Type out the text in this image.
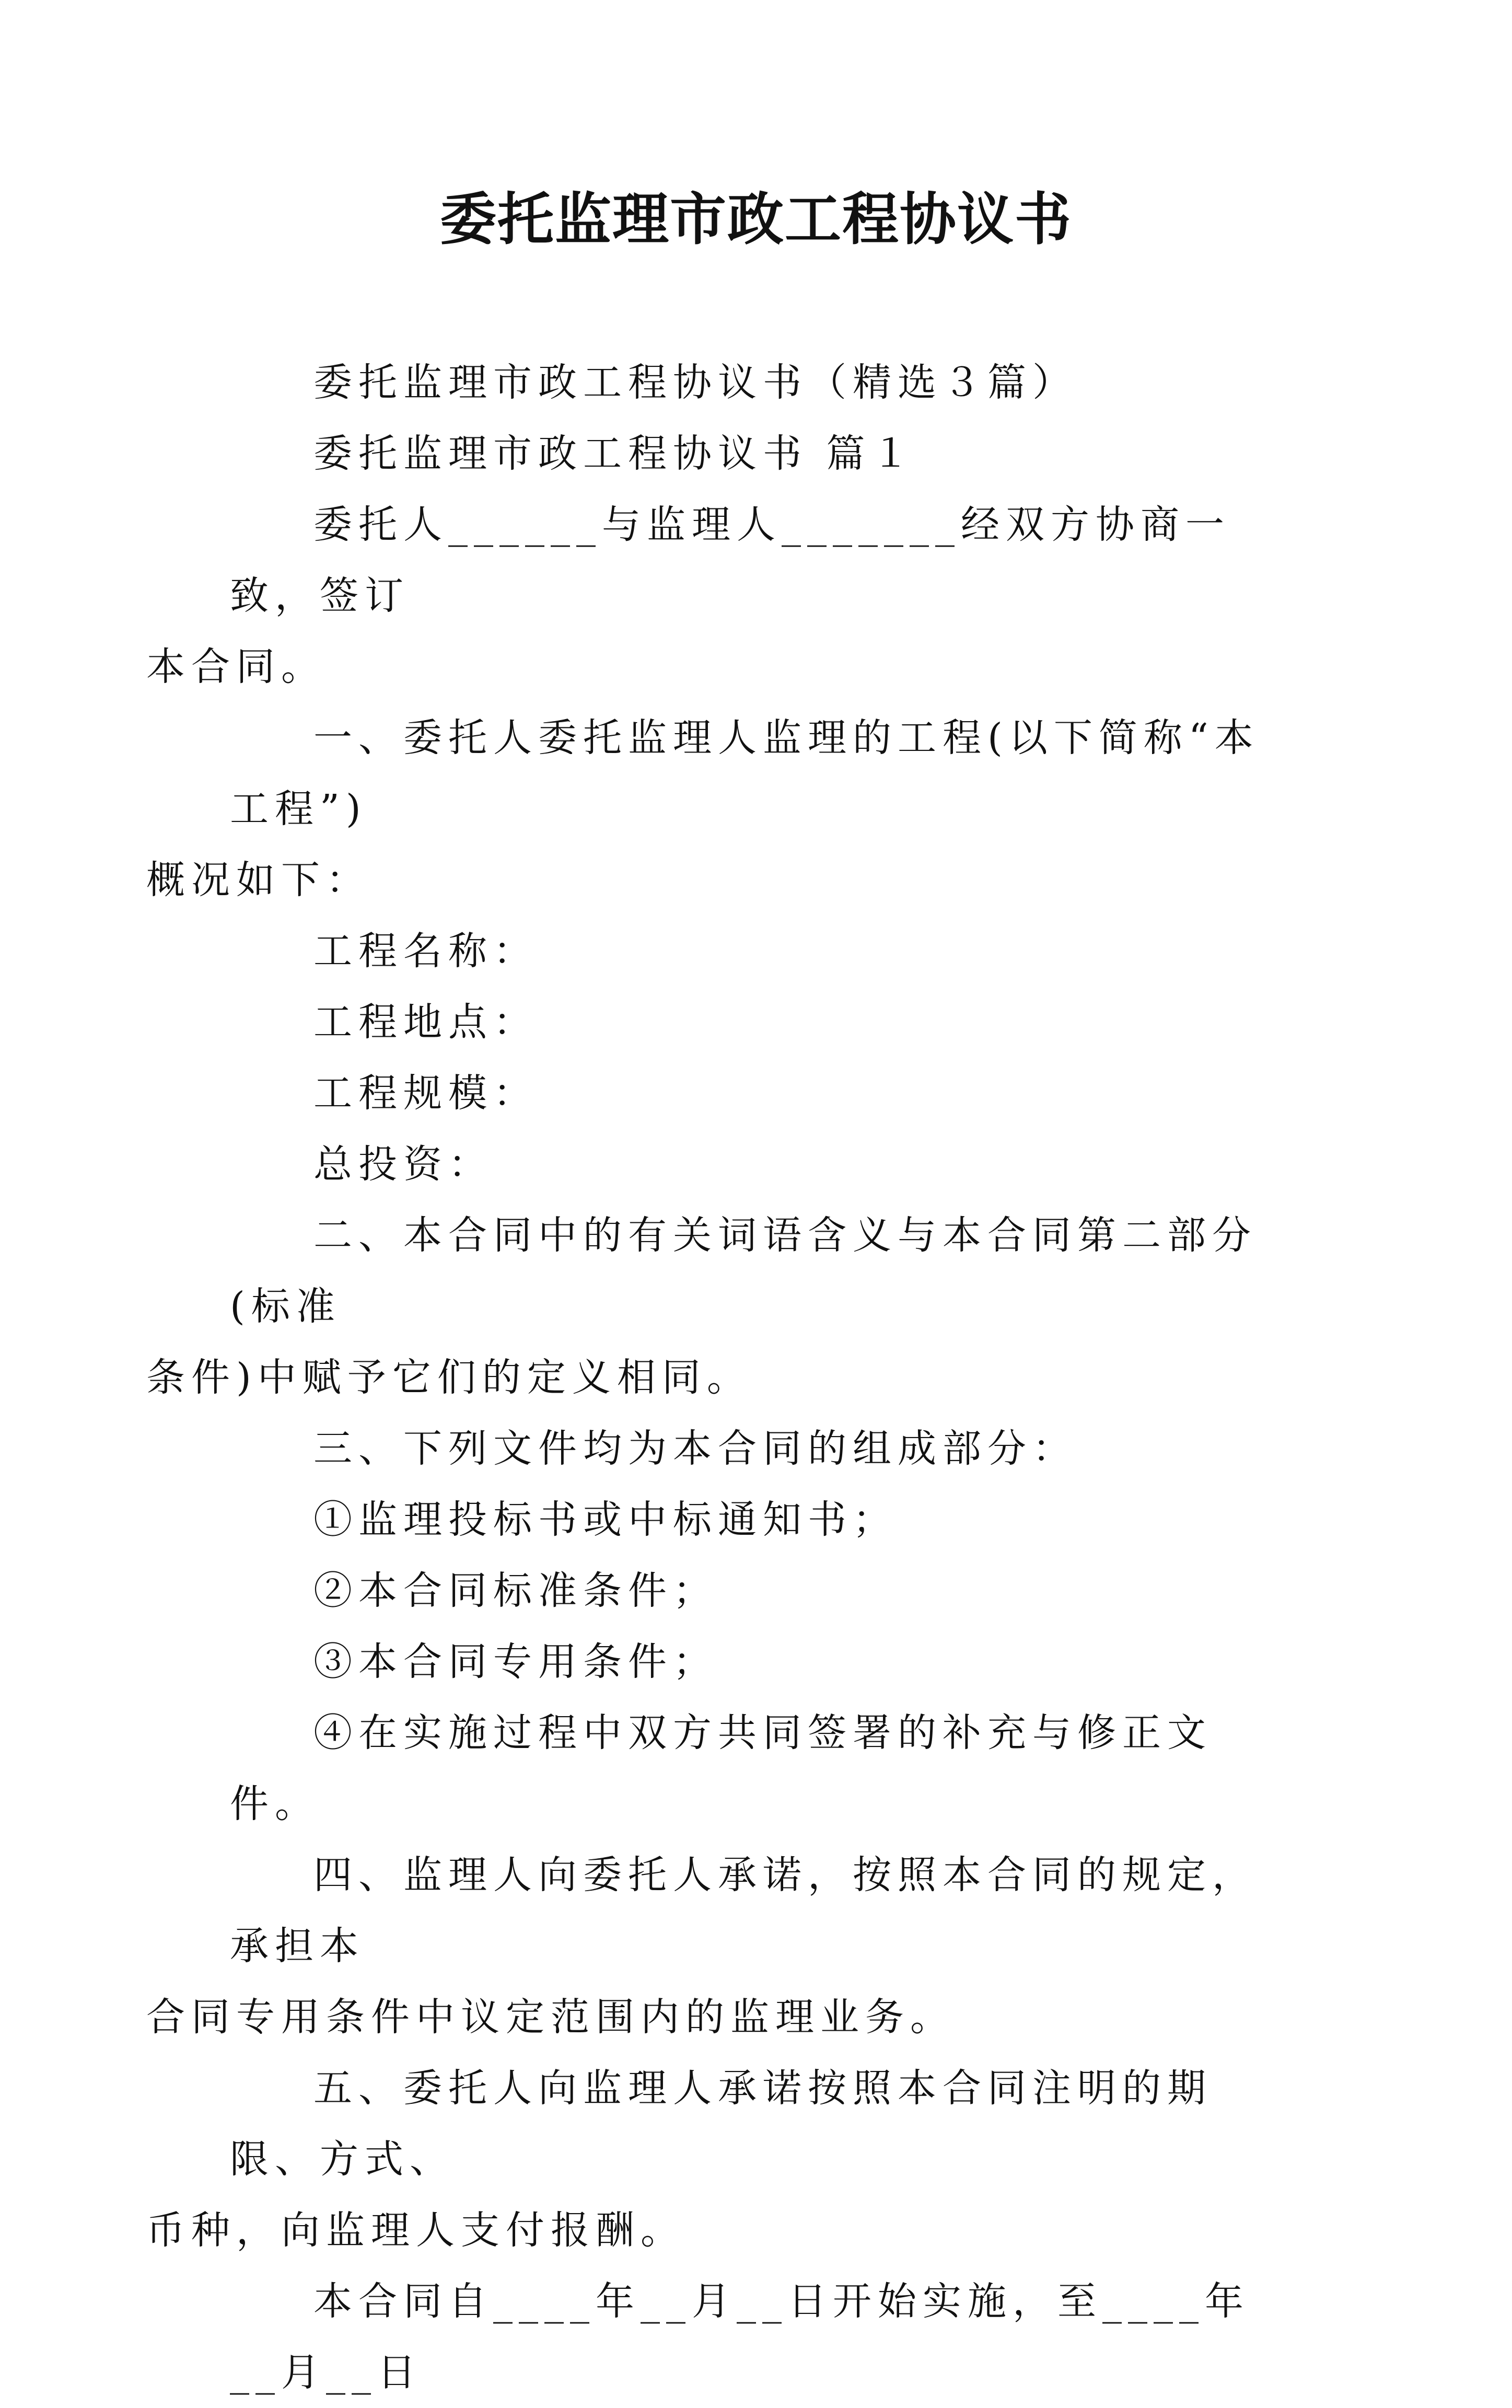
委托监理市政工程协议书
委托监理市政工程协议书（精选３篇）
委托监理市政工程协议书 篇１
委托人______与监理人_______经双方协商一致，签订
本合同。
一、委托人委托监理人监理的工程(以下简称“本工程”)
概况如下：
工程名称：
工程地点：
工程规模：
总投资：
二、本合同中的有关词语含义与本合同第二部分(标准
条件)中赋予它们的定义相同。
三、下列文件均为本合同的组成部分：
①监理投标书或中标通知书；
②本合同标准条件；
③本合同专用条件；
④在实施过程中双方共同签署的补充与修正文件。
四、监理人向委托人承诺，按照本合同的规定，承担本
合同专用条件中议定范围内的监理业务。
五、委托人向监理人承诺按照本合同注明的期限、方式、
币种，向监理人支付报酬。
本合同自____年__月__日开始实施，至____年__月__日
